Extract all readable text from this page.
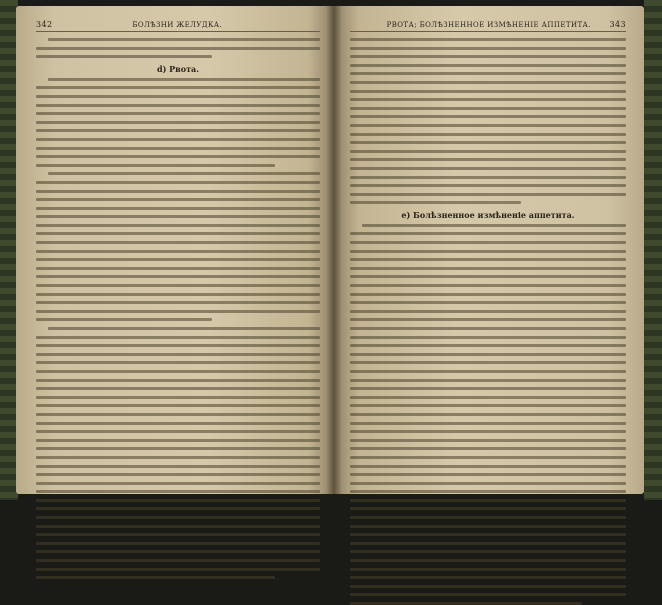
342	БОЛѢЗНИ ЖЕЛУДКА.
d) Рвота.
РВОТА; БОЛѢЗНЕННОЕ ИЗМѢНЕНІЕ АППЕТИТА. 343
e) Болѣзненное измѣненіе аппетита.
